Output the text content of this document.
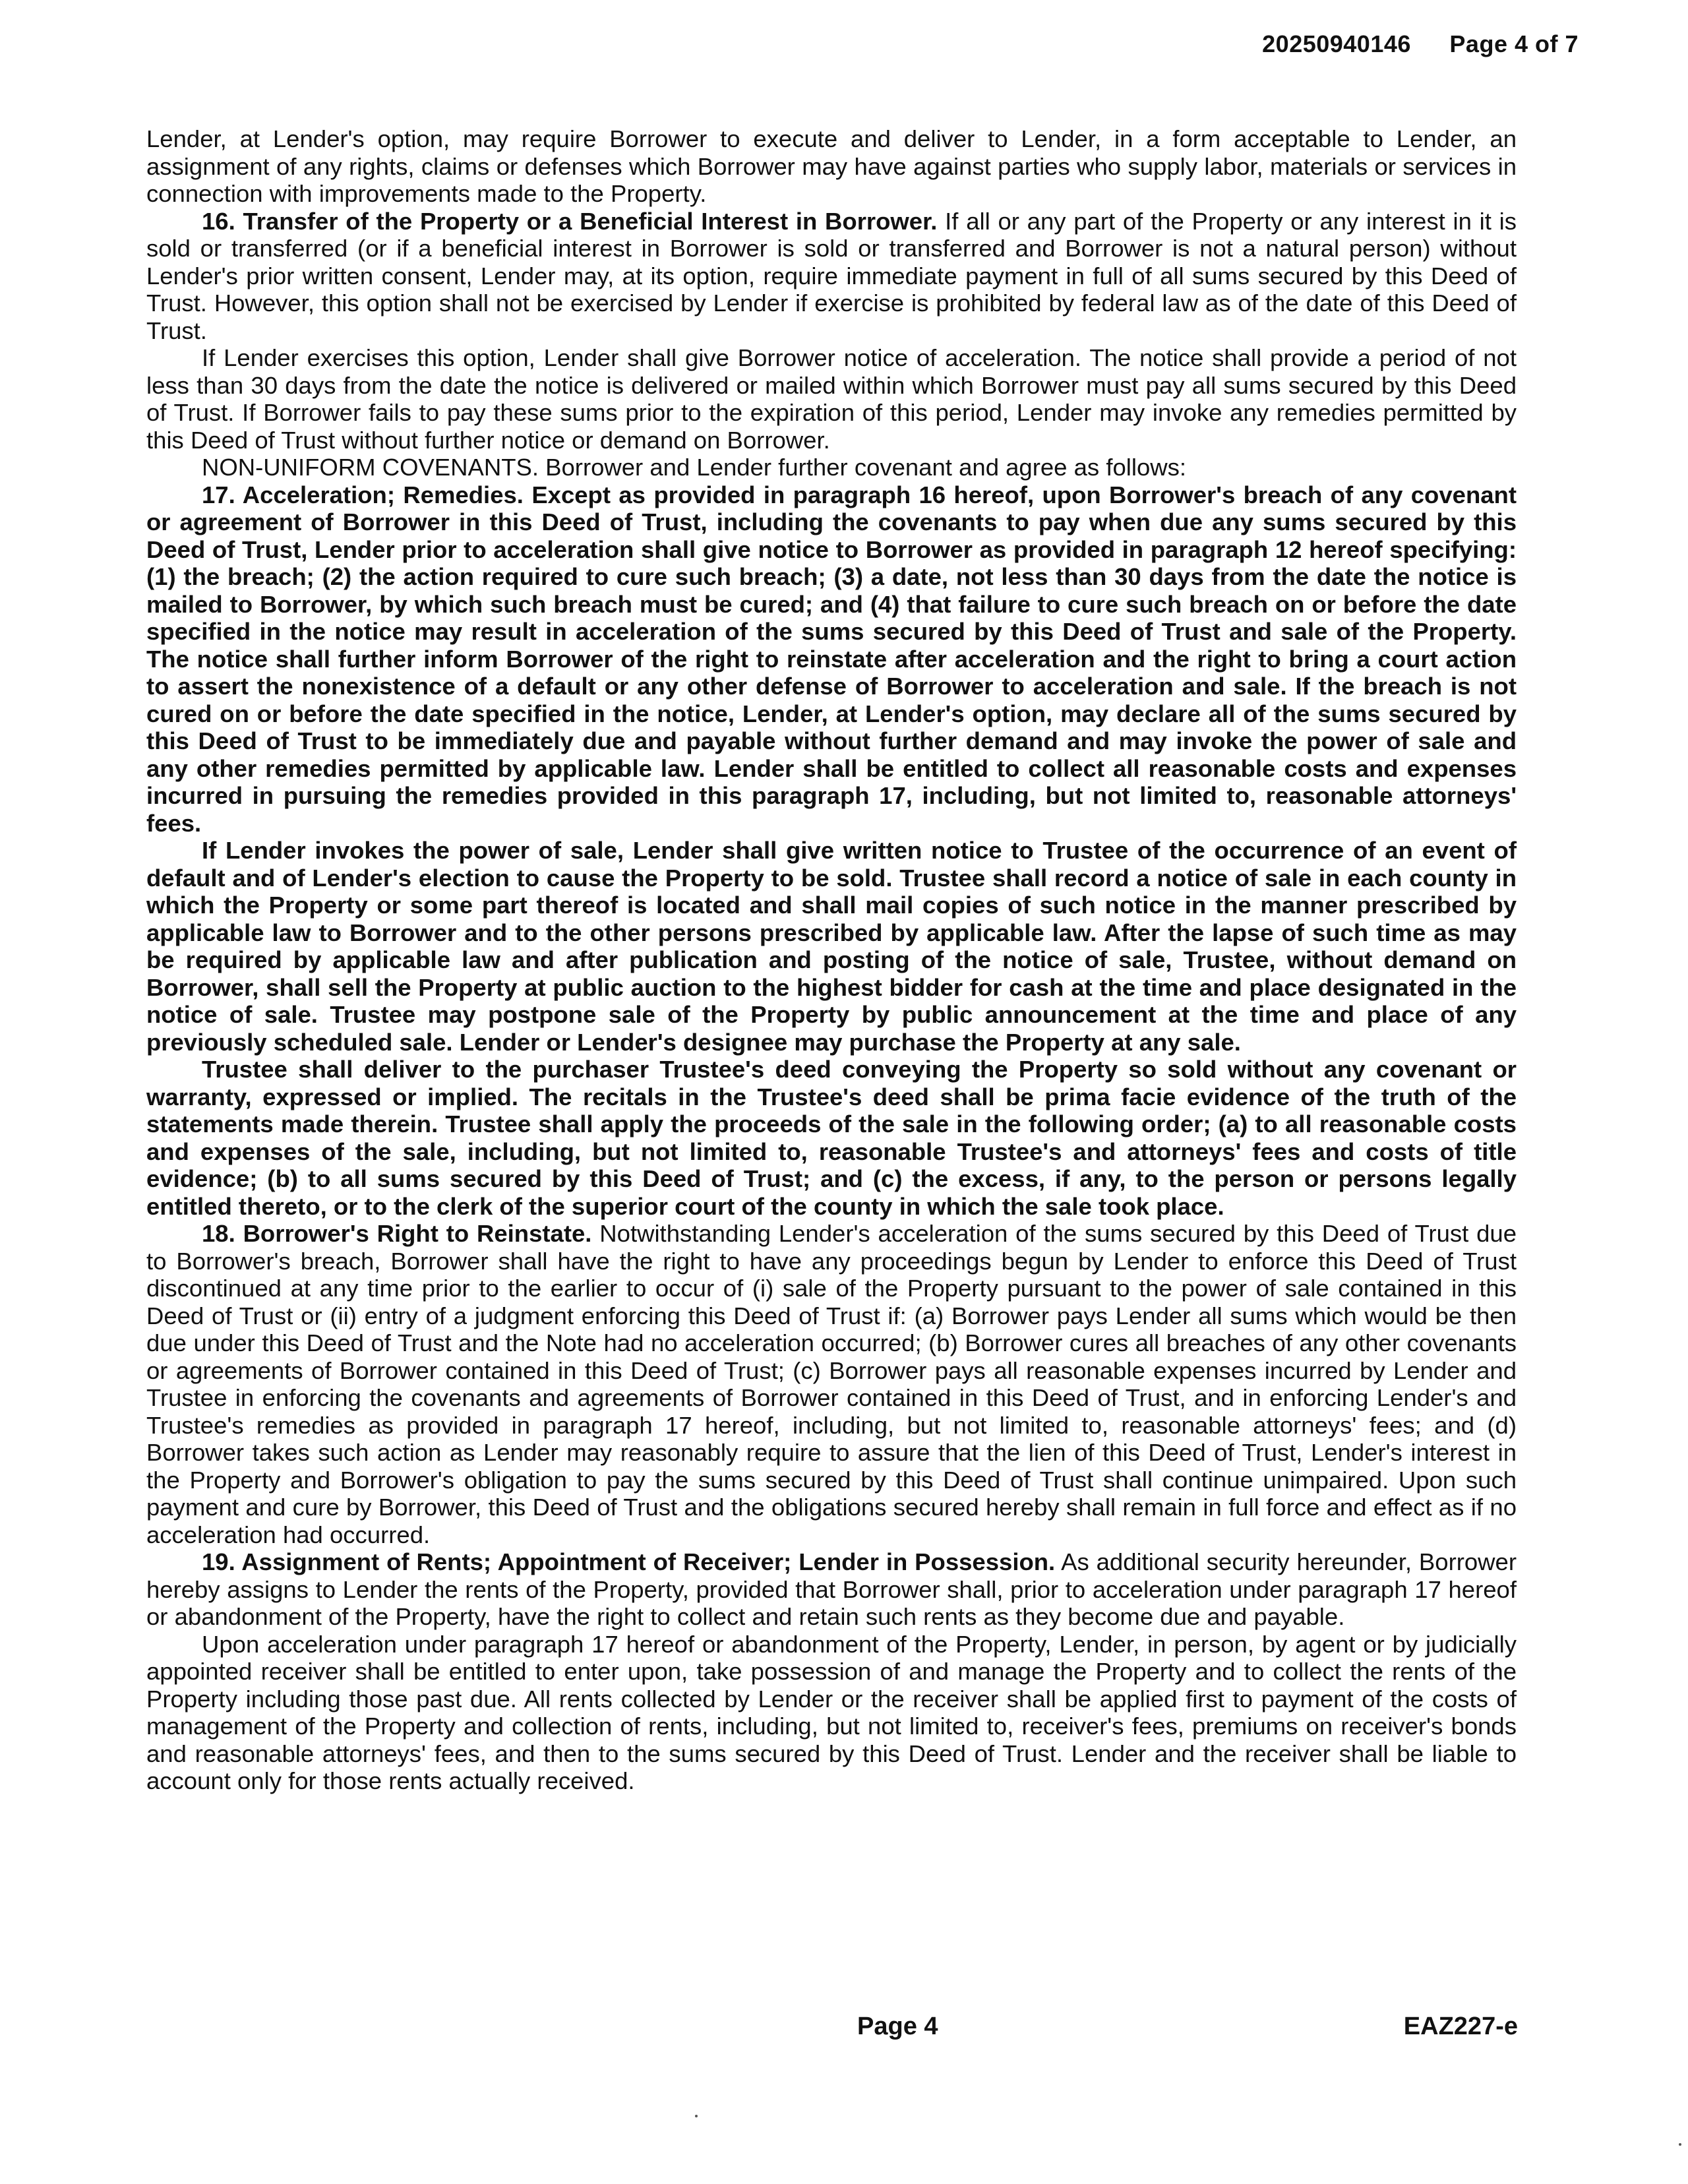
20250940146 Page 4 of 7

Lender, at Lender's option, may require Borrower to execute and deliver to Lender, in a form acceptable to Lender, an assignment of any rights, claims or defenses which Borrower may have against parties who supply labor, materials or services in connection with improvements made to the Property.

16. Transfer of the Property or a Beneficial Interest in Borrower. If all or any part of the Property or any interest in it is sold or transferred (or if a beneficial interest in Borrower is sold or transferred and Borrower is not a natural person) without Lender's prior written consent, Lender may, at its option, require immediate payment in full of all sums secured by this Deed of Trust. However, this option shall not be exercised by Lender if exercise is prohibited by federal law as of the date of this Deed of Trust.

If Lender exercises this option, Lender shall give Borrower notice of acceleration. The notice shall provide a period of not less than 30 days from the date the notice is delivered or mailed within which Borrower must pay all sums secured by this Deed of Trust. If Borrower fails to pay these sums prior to the expiration of this period, Lender may invoke any remedies permitted by this Deed of Trust without further notice or demand on Borrower.

NON-UNIFORM COVENANTS. Borrower and Lender further covenant and agree as follows:

17. Acceleration; Remedies. Except as provided in paragraph 16 hereof, upon Borrower's breach of any covenant or agreement of Borrower in this Deed of Trust, including the covenants to pay when due any sums secured by this Deed of Trust, Lender prior to acceleration shall give notice to Borrower as provided in paragraph 12 hereof specifying: (1) the breach; (2) the action required to cure such breach; (3) a date, not less than 30 days from the date the notice is mailed to Borrower, by which such breach must be cured; and (4) that failure to cure such breach on or before the date specified in the notice may result in acceleration of the sums secured by this Deed of Trust and sale of the Property. The notice shall further inform Borrower of the right to reinstate after acceleration and the right to bring a court action to assert the nonexistence of a default or any other defense of Borrower to acceleration and sale. If the breach is not cured on or before the date specified in the notice, Lender, at Lender's option, may declare all of the sums secured by this Deed of Trust to be immediately due and payable without further demand and may invoke the power of sale and any other remedies permitted by applicable law. Lender shall be entitled to collect all reasonable costs and expenses incurred in pursuing the remedies provided in this paragraph 17, including, but not limited to, reasonable attorneys' fees.

If Lender invokes the power of sale, Lender shall give written notice to Trustee of the occurrence of an event of default and of Lender's election to cause the Property to be sold. Trustee shall record a notice of sale in each county in which the Property or some part thereof is located and shall mail copies of such notice in the manner prescribed by applicable law to Borrower and to the other persons prescribed by applicable law. After the lapse of such time as may be required by applicable law and after publication and posting of the notice of sale, Trustee, without demand on Borrower, shall sell the Property at public auction to the highest bidder for cash at the time and place designated in the notice of sale. Trustee may postpone sale of the Property by public announcement at the time and place of any previously scheduled sale. Lender or Lender's designee may purchase the Property at any sale.

Trustee shall deliver to the purchaser Trustee's deed conveying the Property so sold without any covenant or warranty, expressed or implied. The recitals in the Trustee's deed shall be prima facie evidence of the truth of the statements made therein. Trustee shall apply the proceeds of the sale in the following order; (a) to all reasonable costs and expenses of the sale, including, but not limited to, reasonable Trustee's and attorneys' fees and costs of title evidence; (b) to all sums secured by this Deed of Trust; and (c) the excess, if any, to the person or persons legally entitled thereto, or to the clerk of the superior court of the county in which the sale took place.

18. Borrower's Right to Reinstate. Notwithstanding Lender's acceleration of the sums secured by this Deed of Trust due to Borrower's breach, Borrower shall have the right to have any proceedings begun by Lender to enforce this Deed of Trust discontinued at any time prior to the earlier to occur of (i) sale of the Property pursuant to the power of sale contained in this Deed of Trust or (ii) entry of a judgment enforcing this Deed of Trust if: (a) Borrower pays Lender all sums which would be then due under this Deed of Trust and the Note had no acceleration occurred; (b) Borrower cures all breaches of any other covenants or agreements of Borrower contained in this Deed of Trust; (c) Borrower pays all reasonable expenses incurred by Lender and Trustee in enforcing the covenants and agreements of Borrower contained in this Deed of Trust, and in enforcing Lender's and Trustee's remedies as provided in paragraph 17 hereof, including, but not limited to, reasonable attorneys' fees; and (d) Borrower takes such action as Lender may reasonably require to assure that the lien of this Deed of Trust, Lender's interest in the Property and Borrower's obligation to pay the sums secured by this Deed of Trust shall continue unimpaired. Upon such payment and cure by Borrower, this Deed of Trust and the obligations secured hereby shall remain in full force and effect as if no acceleration had occurred.

19. Assignment of Rents; Appointment of Receiver; Lender in Possession. As additional security hereunder, Borrower hereby assigns to Lender the rents of the Property, provided that Borrower shall, prior to acceleration under paragraph 17 hereof or abandonment of the Property, have the right to collect and retain such rents as they become due and payable.

Upon acceleration under paragraph 17 hereof or abandonment of the Property, Lender, in person, by agent or by judicially appointed receiver shall be entitled to enter upon, take possession of and manage the Property and to collect the rents of the Property including those past due. All rents collected by Lender or the receiver shall be applied first to payment of the costs of management of the Property and collection of rents, including, but not limited to, receiver's fees, premiums on receiver's bonds and reasonable attorneys' fees, and then to the sums secured by this Deed of Trust. Lender and the receiver shall be liable to account only for those rents actually received.

Page 4	EAZ227-e
